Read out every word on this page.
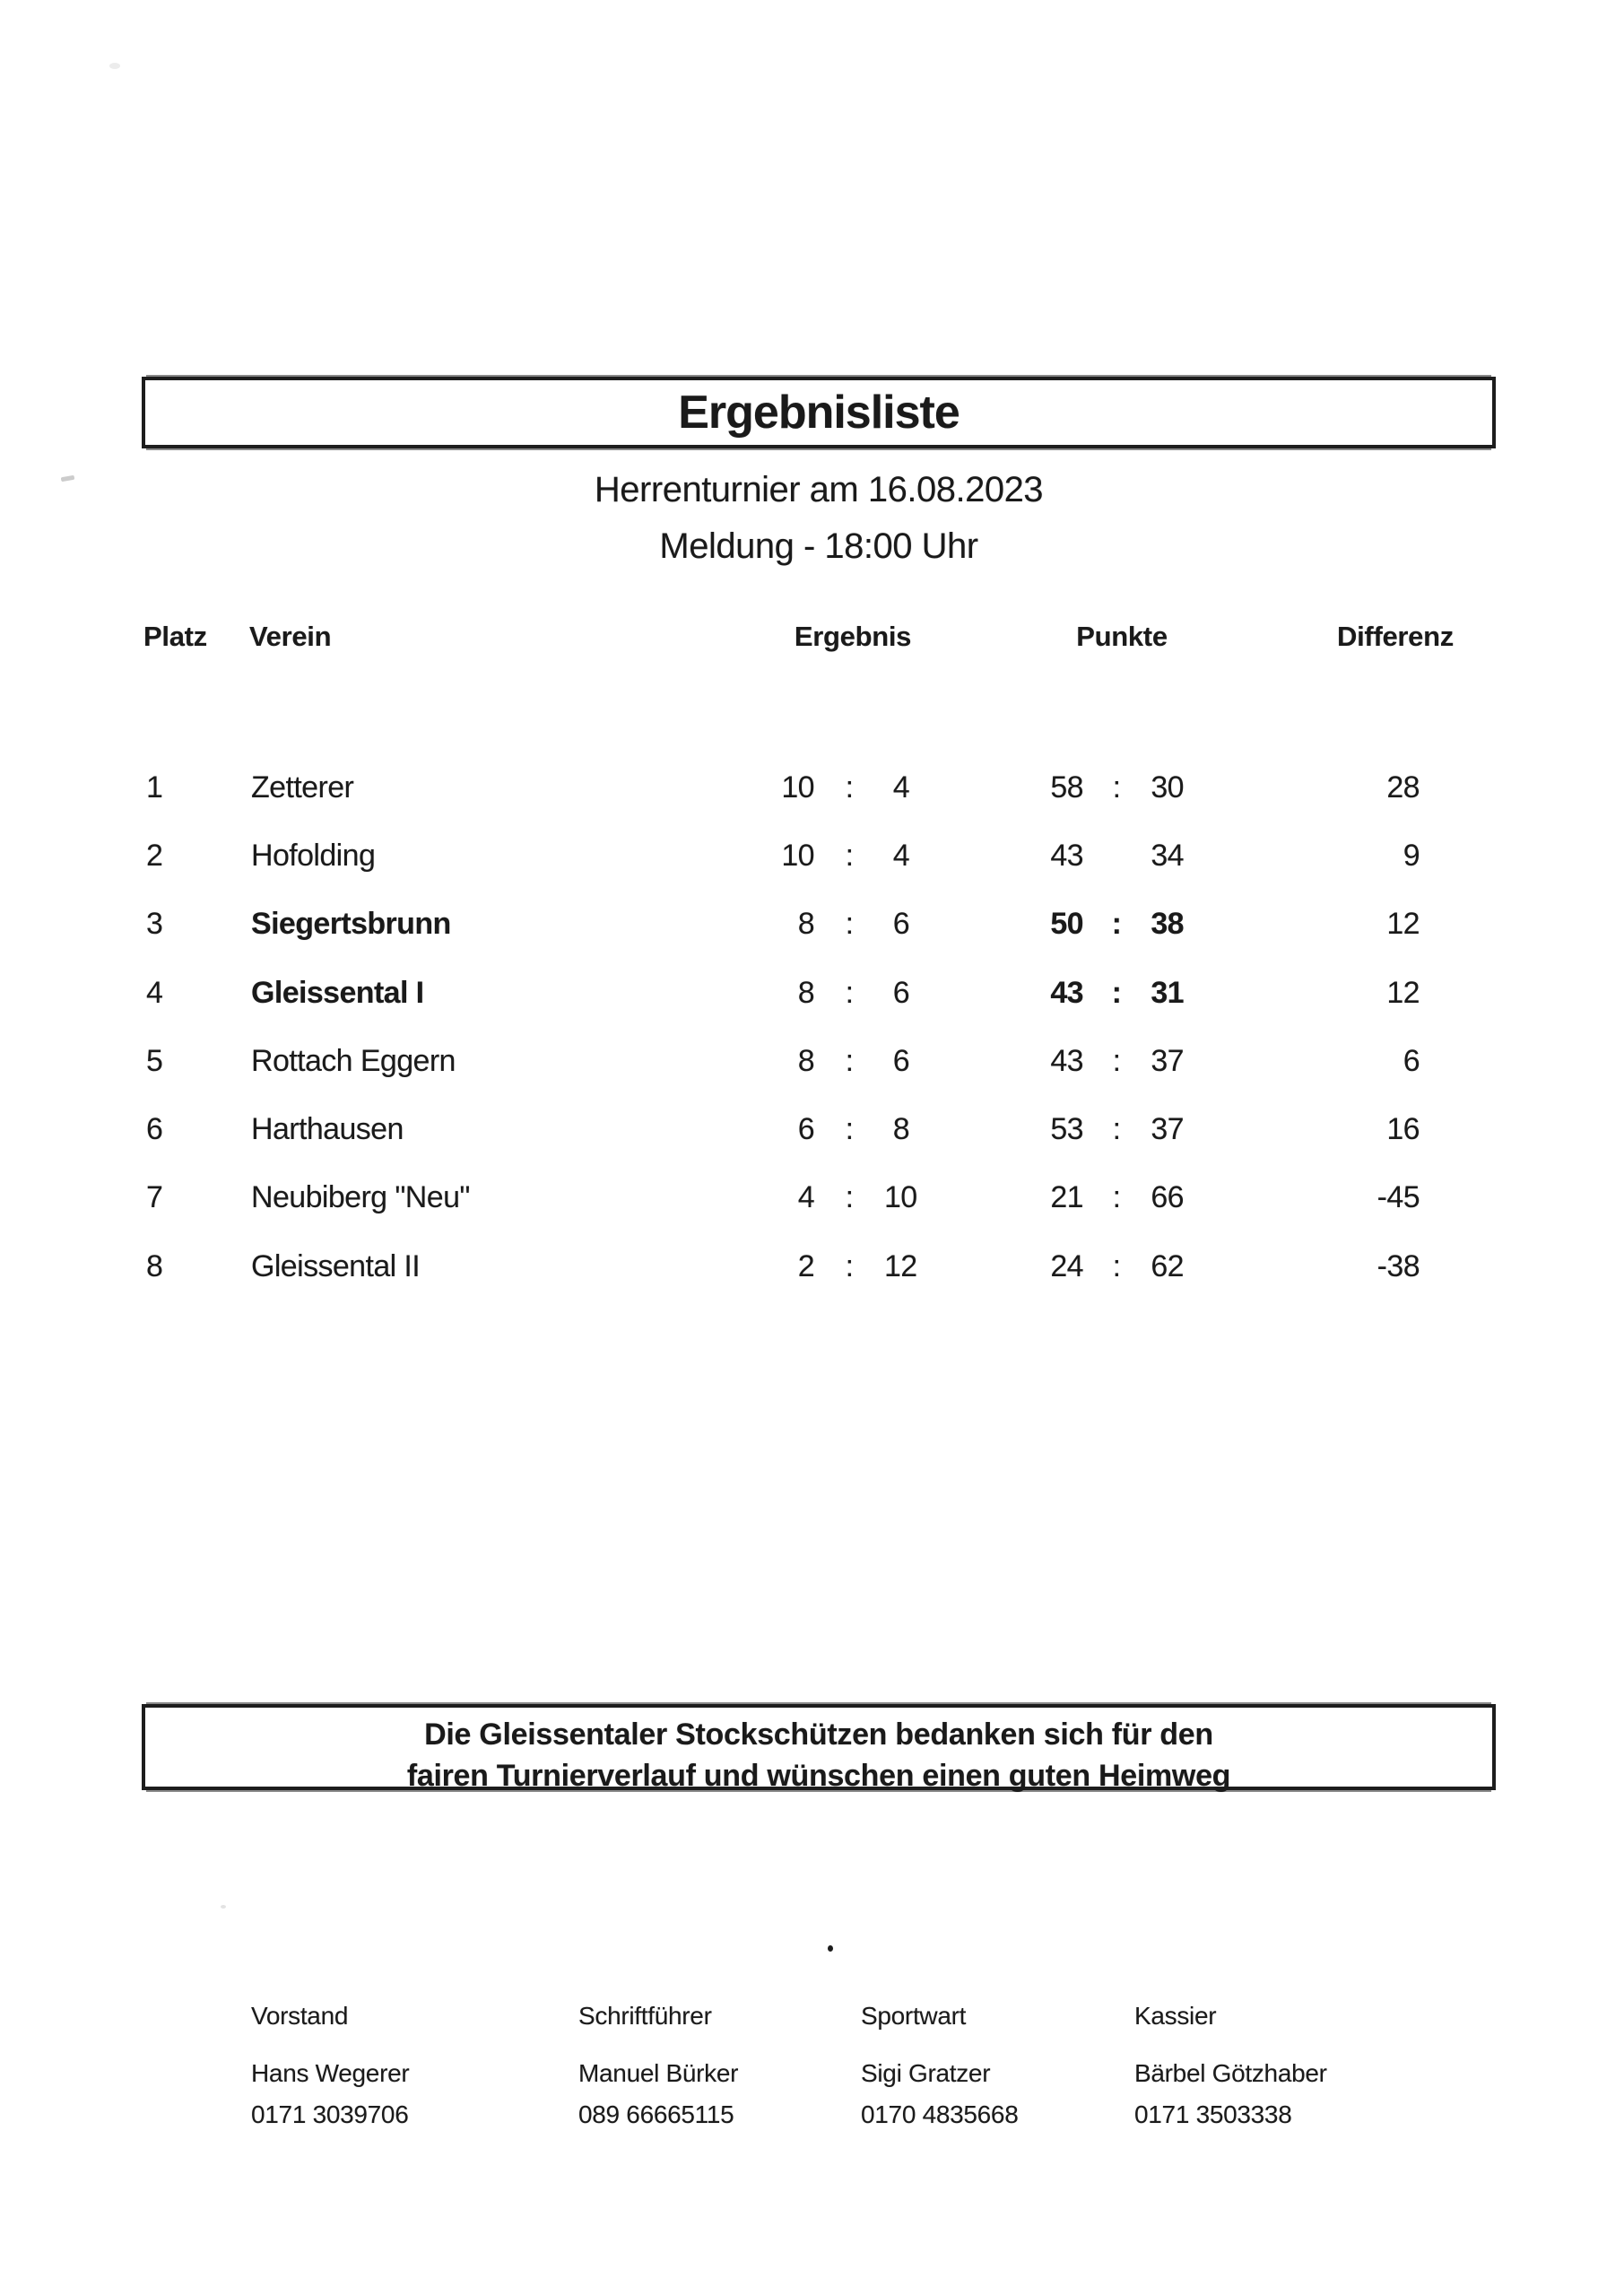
Ergebnisliste
Herrenturnier am 16.08.2023
Meldung - 18:00 Uhr
Platz Verein	Ergebnis	Punkte	Differenz
1	Zetterer	10	:	4	58 : 30	28
2	Hofolding	10	:	4	43 34	9
3	Siegertsbrunn	8	:	6	50 : 38	12
4	Gleissental I	8	:	6	43 : 31	12
5	Rottach Eggern	8	:	6	43 : 37	6
6	Harthausen	6	:	8	53 : 37	16
7	Neubiberg "Neu"	4	:	10	21 : 66	-45
8	Gleissental II	2	:	12	24 : 62	-38
Die Gleissentaler Stockschützen bedanken sich für den
fairen Turnierverlauf und wünschen einen guten Heimweg
Vorstand
Hans Wegerer
0171 3039706
Schriftführer
Manuel Bürker
089 66665115
Sportwart
Sigi Gratzer
0170 4835668
Kassier
Bärbel Götzhaber
0171 3503338
